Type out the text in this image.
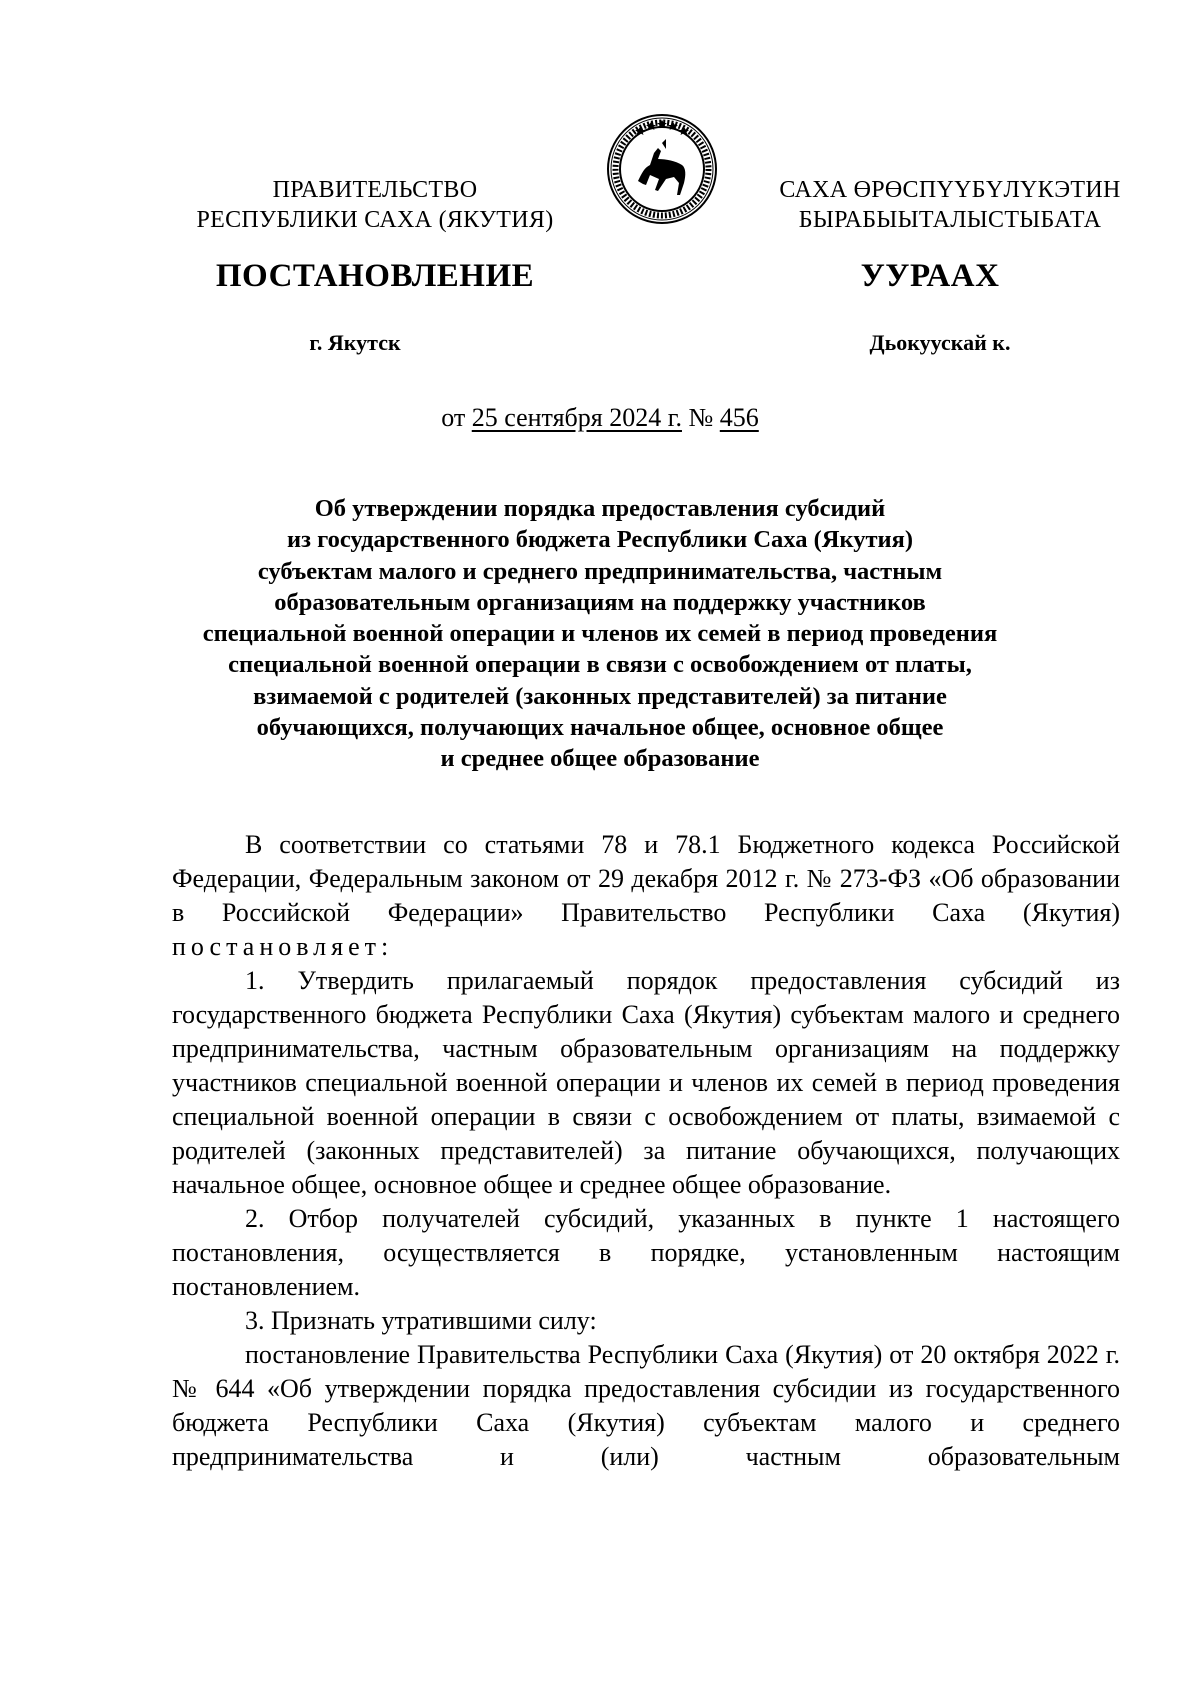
ПРАВИТЕЛЬСТВО
РЕСПУБЛИКИ САХА (ЯКУТИЯ)
САХА ӨРӨСПҮҮБҮЛҮКЭТИН
БЫРАБЫЫТАЛЫСТЫБАТА
ПОСТАНОВЛЕНИЕ	УУРААХ
г. Якутск	Дьокуускай к.
от 25 сентября 2024 г. № 456
Об утверждении порядка предоставления субсидий
из государственного бюджета Республики Саха (Якутия)
субъектам малого и среднего предпринимательства, частным
образовательным организациям на поддержку участников
специальной военной операции и членов их семей в период проведения
специальной военной операции в связи с освобождением от платы,
взимаемой с родителей (законных представителей) за питание
обучающихся, получающих начальное общее, основное общее
и среднее общее образование

В соответствии со статьями 78 и 78.1 Бюджетного кодекса Российской Федерации, Федеральным законом от 29 декабря 2012 г. № 273-ФЗ «Об образовании в Российской Федерации» Правительство Республики Саха (Якутия) постановляет:

1. Утвердить прилагаемый порядок предоставления субсидий из государственного бюджета Республики Саха (Якутия) субъектам малого и среднего предпринимательства, частным образовательным организациям на поддержку участников специальной военной операции и членов их семей в период проведения специальной военной операции в связи с освобождением от платы, взимаемой с родителей (законных представителей) за питание обучающихся, получающих начальное общее, основное общее и среднее общее образование.

2. Отбор получателей субсидий, указанных в пункте 1 настоящего постановления, осуществляется в порядке, установленным настоящим постановлением.

3. Признать утратившими силу:

постановление Правительства Республики Саха (Якутия) от 20 октября 2022 г. № 644 «Об утверждении порядка предоставления субсидии из государственного бюджета Республики Саха (Якутия) субъектам малого и среднего предпринимательства и (или) частным образовательным
